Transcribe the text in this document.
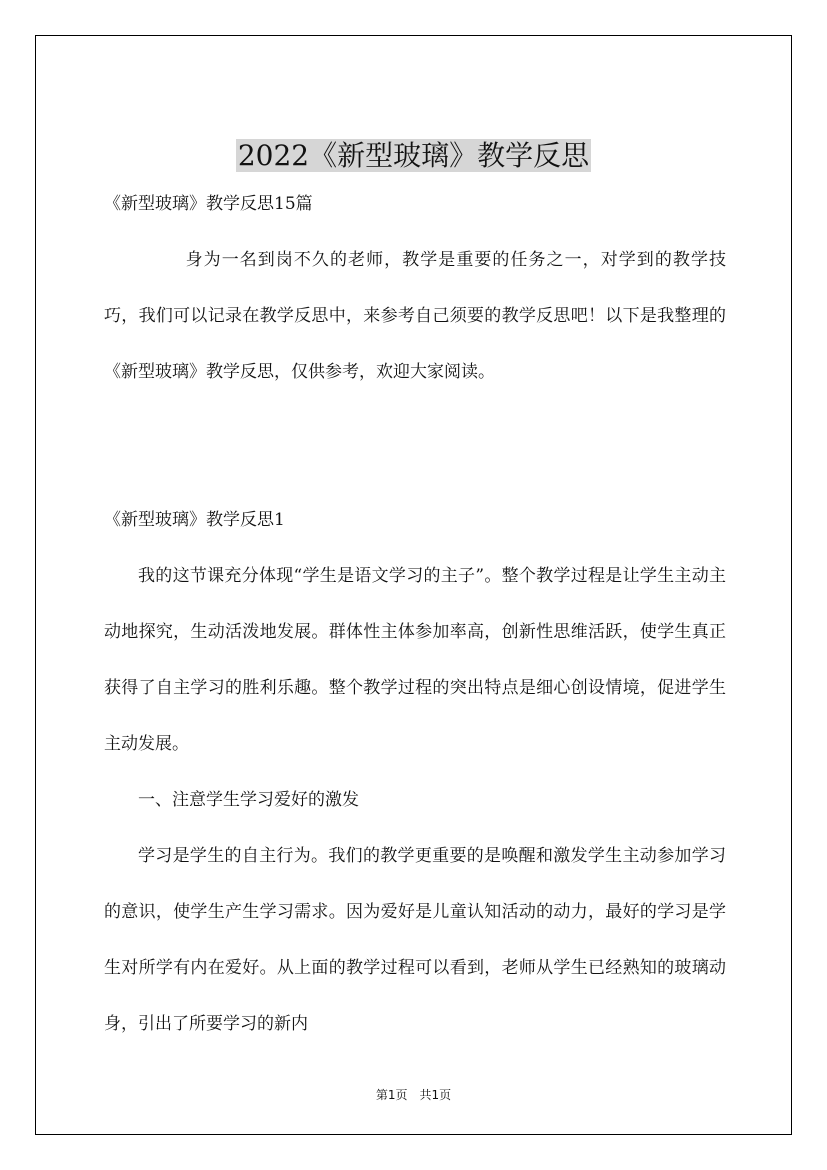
2022《新型玻璃》教学反思
《新型玻璃》教学反思15篇
身为一名到岗不久的老师，教学是重要的任务之一，对学到的教学技巧，我们可以记录在教学反思中，来参考自己须要的教学反思吧！以下是我整理的《新型玻璃》教学反思，仅供参考，欢迎大家阅读。
《新型玻璃》教学反思1
我的这节课充分体现“学生是语文学习的主子”。整个教学过程是让学生主动主动地探究，生动活泼地发展。群体性主体参加率高，创新性思维活跃，使学生真正获得了自主学习的胜利乐趣。整个教学过程的突出特点是细心创设情境，促进学生主动发展。
一、注意学生学习爱好的激发
学习是学生的自主行为。我们的教学更重要的是唤醒和激发学生主动参加学习的意识，使学生产生学习需求。因为爱好是儿童认知活动的动力，最好的学习是学生对所学有内在爱好。从上面的教学过程可以看到，老师从学生已经熟知的玻璃动身，引出了所要学习的新内
第1页　共1页
